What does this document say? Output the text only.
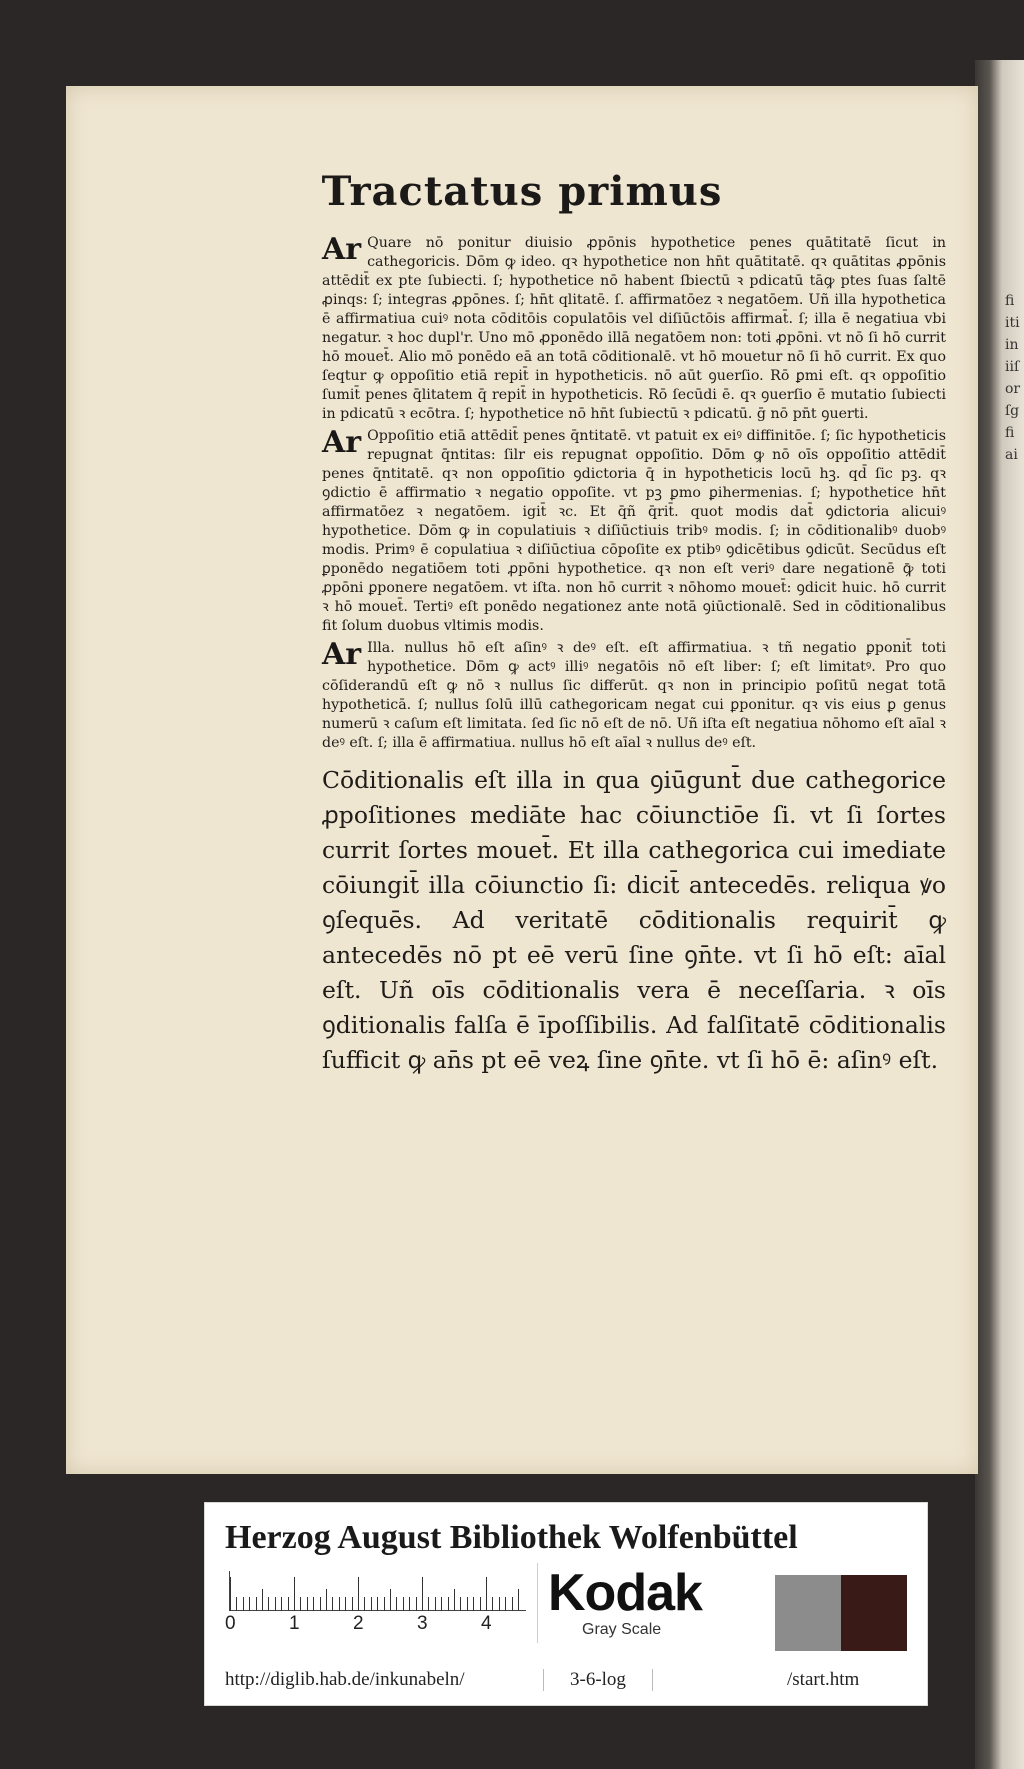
fi iti in iiſ or ſg fi ai
Tractatus primus

Ar Quare nō ponitur diuisio ꝓpōnis hypothetice penes quātitatē ſicut in cathegoricis. Dōm ꝙ ideo. qꝛ hypothetice non hn̄t quātitatē. qꝛ quātitas ꝓpōnis attēdit̄ ex pte ſubiecti. ſ; hypothetice nō habent ſbiectū ꝛ pdicatū tāꝙ ptes ſuas ſaltē ꝓinqs: ſ; integras ꝓpōnes. ſ; hn̄t qlitatē. ſ. affirmatōez ꝛ negatōem. Uñ illa hypothetica ē affirmatiua cuiꝰ nota cōditōis copulatōis vel diſiūctōis affirmat̄. ſ; illa ē negatiua vbi negatur. ꝛ hoc dupl'r. Uno mō ꝓponēdo illā negatōem non: toti ꝓpōni. vt nō ſi hō currit hō mouet̄. Alio mō ponēdo eā an totā cōditionalē. vt hō mouetur nō ſi hō currit. Ex quo ſeqtur ꝙ oppoſitio etiā repit̄ in hypotheticis. nō aūt ꝯuerſio. Rō ꝑmi eſt. qꝛ oppoſitio ſumit̄ penes q̄litatem q̄ repit̄ in hypotheticis. Rō ſecūdi ē. qꝛ ꝯuerſio ē mutatio ſubiecti in pdicatū ꝛ ecōtra. ſ; hypothetice nō hn̄t ſubiectū ꝛ pdicatū. ḡ nō pn̄t ꝯuerti.

Ar Oppoſitio etiā attēdit̄ penes q̄ntitatē. vt patuit ex eiꝰ diffinitōe. ſ; ſic hypotheticis repugnat q̄ntitas: ſilr eis repugnat oppoſitio. Dōm ꝙ nō oīs oppoſitio attēdit̄ penes q̄ntitatē. qꝛ non oppoſitio ꝯdictoria q̄ in hypotheticis locū hꝫ. qd̄ ſic pꝫ. qꝛ ꝯdictio ē affirmatio ꝛ negatio oppoſite. vt pꝫ ꝑmo ꝑihermenias. ſ; hypothetice hn̄t affirmatōez ꝛ negatōem. igit̄ ꝛc. Et q̄ñ q̄rit̄. quot modis dat̄ ꝯdictoria alicuiꝰ hypothetice. Dōm ꝙ in copulatiuis ꝛ diſiūctiuis tribꝰ modis. ſ; in cōditionalibꝰ duobꝰ modis. Primꝰ ē copulatiua ꝛ diſiūctiua cōpoſite ex ptibꝰ ꝯdicētibus ꝯdicūt. Secūdus eſt ꝑponēdo negatiōem toti ꝓpōni hypothetice. qꝛ non eſt veriꝰ dare negationē ꝙ̄ toti ꝓpōni ꝑponere negatōem. vt iſta. non hō currit ꝛ nōhomo mouet̄: ꝯdicit huic. hō currit ꝛ hō mouet̄. Tertiꝰ eſt ponēdo negationez ante notā ꝯiūctionalē. Sed in cōditionalibus fit ſolum duobus vltimis modis.

Ar Illa. nullus hō eſt aſinꝰ ꝛ deꝰ eſt. eſt affirmatiua. ꝛ tñ negatio ꝑponit̄ toti hypothetice. Dōm ꝙ actꝰ illiꝰ negatōis nō eſt liber: ſ; eſt limitatꝰ. Pro quo cōſiderandū eſt ꝙ nō ꝛ nullus ſic differūt. qꝛ non in principio poſitū negat totā hypotheticā. ſ; nullus ſolū illū cathegoricam negat cui ꝑponitur. qꝛ vis eius ꝑ genus numerū ꝛ caſum eſt limitata. ſed ſic nō eſt de nō. Uñ iſta eſt negatiua nōhomo eſt aīal ꝛ deꝰ eſt. ſ; illa ē affirmatiua. nullus hō eſt aīal ꝛ nullus deꝰ eſt.

Cōditionalis eſt illa in qua ꝯiūgunt̄ due cathegorice ꝓpoſitiones mediāte hac cōiunctiōe ſi. vt ſi ſortes currit ſortes mouet̄. Et illa cathegorica cui imediate cōiungit̄ illa cōiunctio ſi: dicit̄ antecedēs. reliqua ꝟo ꝯſequēs. Ad veritatē cōditionalis requirit̄ ꝙ antecedēs nō pt eē verū ſine ꝯn̄te. vt ſi hō eſt: aīal eſt. Uñ oīs cōditionalis vera ē neceſſaria. ꝛ oīs ꝯditionalis falſa ē īpoſſibilis. Ad falſitatē cōditionalis ſufficit ꝙ an̄s pt eē veꝝ ſine ꝯn̄te. vt ſi hō ē: aſinꝰ eſt.
Herzog August Bibliothek Wolfenbüttel
0	1	2	3	4
Kodak
Gray Scale
http://diglib.hab.de/inkunabeln/	3-6-log	/start.htm
